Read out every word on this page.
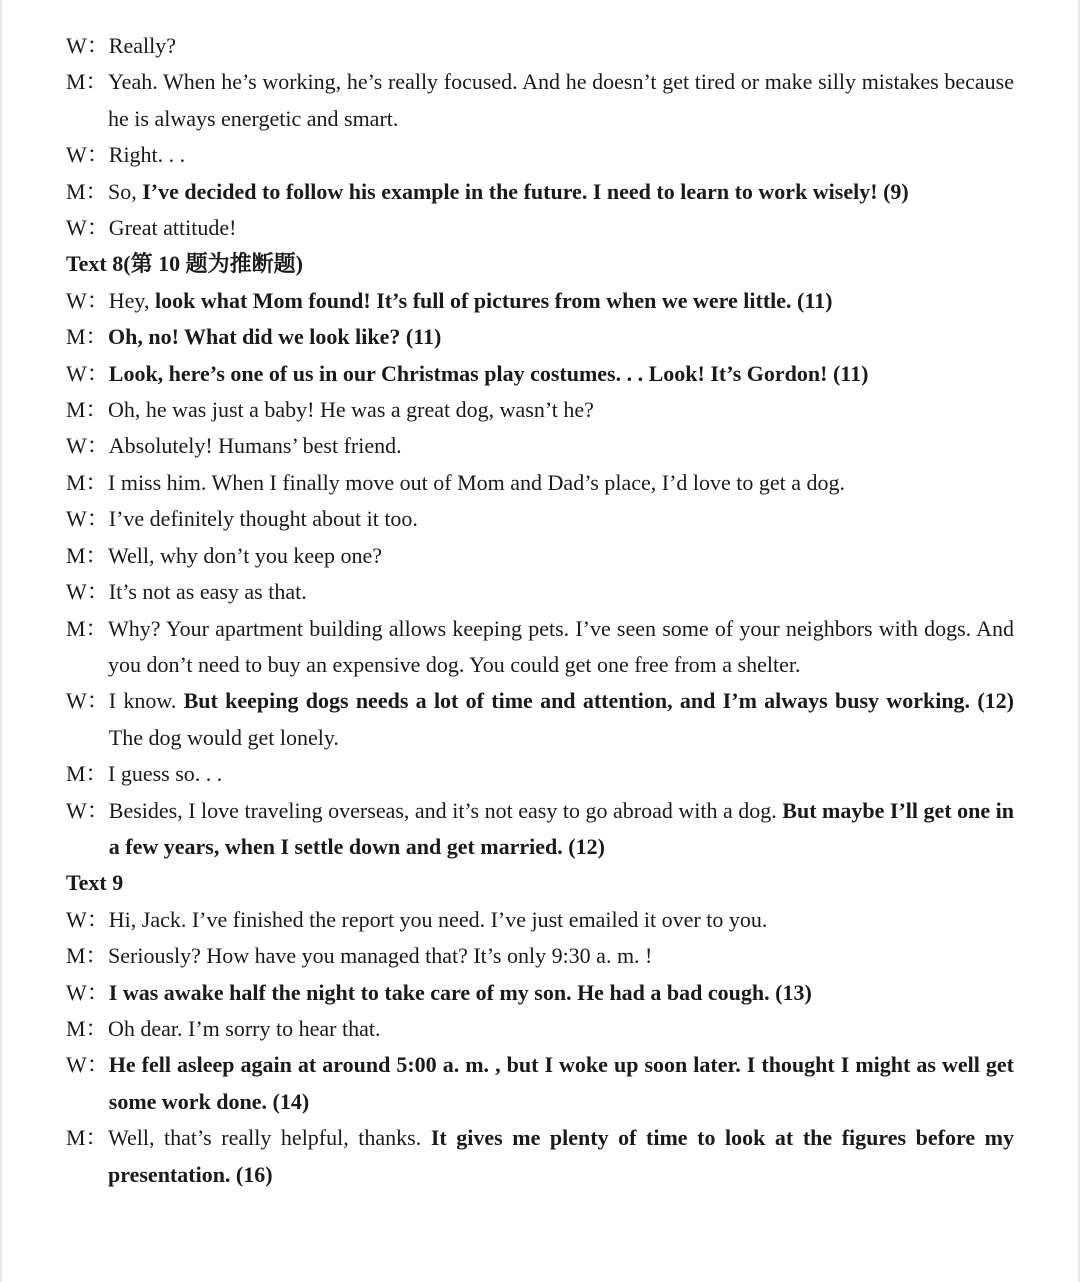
W： Really?
M： Yeah. When he’s working, he’s really focused. And he doesn’t get tired or make silly mistakes because he is always energetic and smart.
W： Right. . .
M： So, I’ve decided to follow his example in the future. I need to learn to work wisely! (9)
W： Great attitude!
Text 8(第 10 题为推断题)
W： Hey, look what Mom found! It’s full of pictures from when we were little. (11)
M： Oh, no! What did we look like? (11)
W： Look, here’s one of us in our Christmas play costumes. . . Look! It’s Gordon! (11)
M： Oh, he was just a baby! He was a great dog, wasn’t he?
W： Absolutely! Humans’ best friend.
M： I miss him. When I finally move out of Mom and Dad’s place, I’d love to get a dog.
W： I’ve definitely thought about it too.
M： Well, why don’t you keep one?
W： It’s not as easy as that.
M： Why? Your apartment building allows keeping pets. I’ve seen some of your neighbors with dogs. And you don’t need to buy an expensive dog. You could get one free from a shelter.
W： I know. But keeping dogs needs a lot of time and attention, and I’m always busy working. (12) The dog would get lonely.
M： I guess so. . .
W： Besides, I love traveling overseas, and it’s not easy to go abroad with a dog. But maybe I’ll get one in a few years, when I settle down and get married. (12)
Text 9
W： Hi, Jack. I’ve finished the report you need. I’ve just emailed it over to you.
M： Seriously? How have you managed that? It’s only 9:30 a. m. !
W： I was awake half the night to take care of my son. He had a bad cough. (13)
M： Oh dear. I’m sorry to hear that.
W： He fell asleep again at around 5:00 a. m. , but I woke up soon later. I thought I might as well get some work done. (14)
M： Well, that’s really helpful, thanks. It gives me plenty of time to look at the figures before my presentation. (16)
